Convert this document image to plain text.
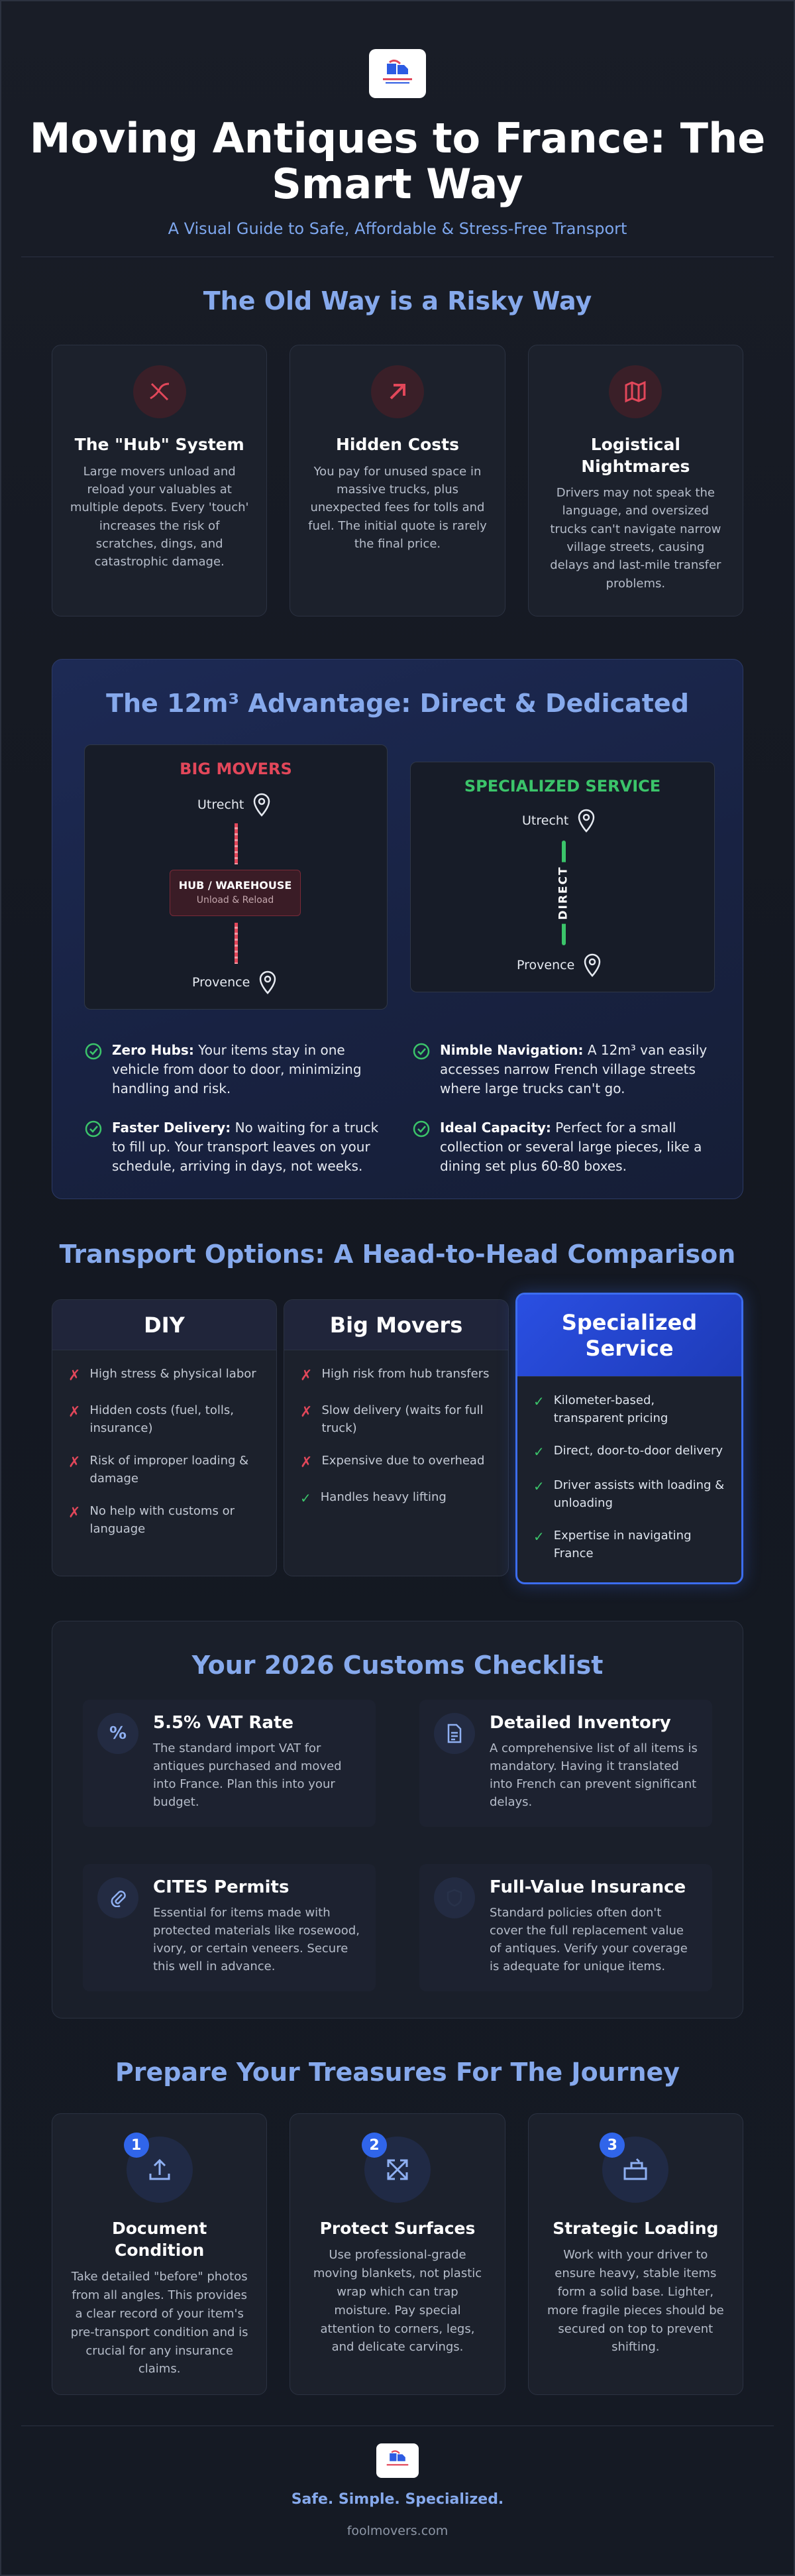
Moving Antiques to France: The Smart Way
A Visual Guide to Safe, Affordable & Stress-Free Transport
The Old Way is a Risky Way
The "Hub" System

Large movers unload and reload your valuables at multiple depots. Every 'touch' increases the risk of scratches, dings, and catastrophic damage.

Hidden Costs

You pay for unused space in massive trucks, plus unexpected fees for tolls and fuel. The initial quote is rarely the final price.

Logistical Nightmares

Drivers may not speak the language, and oversized trucks can't navigate narrow village streets, causing delays and last-mile transfer problems.

The 12m³ Advantage: Direct & Dedicated
BIG MOVERS
Utrecht
HUB / WAREHOUSE
Unload & Reload
Provence
SPECIALIZED SERVICE
Utrecht
DIRECT
Provence

Zero Hubs: Your items stay in one vehicle from door to door, minimizing handling and risk.

Nimble Navigation: A 12m³ van easily accesses narrow French village streets where large trucks can't go.

Faster Delivery: No waiting for a truck to fill up. Your transport leaves on your schedule, arriving in days, not weeks.

Ideal Capacity: Perfect for a small collection or several large pieces, like a dining set plus 60-80 boxes.

Transport Options: A Head-to-Head Comparison
DIY
✗ High stress & physical labor
✗ Hidden costs (fuel, tolls, insurance)
✗ Risk of improper loading & damage
✗ No help with customs or language
Big Movers
✗ High risk from hub transfers
✗ Slow delivery (waits for full truck)
✗ Expensive due to overhead
✓ Handles heavy lifting
Specialized Service
✓ Kilometer-based, transparent pricing
✓ Direct, door-to-door delivery
✓ Driver assists with loading & unloading
✓ Expertise in navigating France
Your 2026 Customs Checklist
%
5.5% VAT Rate

The standard import VAT for antiques purchased and moved into France. Plan this into your budget.

Detailed Inventory

A comprehensive list of all items is mandatory. Having it translated into French can prevent significant delays.

CITES Permits

Essential for items made with protected materials like rosewood, ivory, or certain veneers. Secure this well in advance.

Full-Value Insurance

Standard policies often don't cover the full replacement value of antiques. Verify your coverage is adequate for unique items.

Prepare Your Treasures For The Journey
1
Document Condition

Take detailed "before" photos from all angles. This provides a clear record of your item's pre-transport condition and is crucial for any insurance claims.

2
Protect Surfaces

Use professional-grade moving blankets, not plastic wrap which can trap moisture. Pay special attention to corners, legs, and delicate carvings.

3
Strategic Loading

Work with your driver to ensure heavy, stable items form a solid base. Lighter, more fragile pieces should be secured on top to prevent shifting.

Safe. Simple. Specialized.
foolmovers.com
